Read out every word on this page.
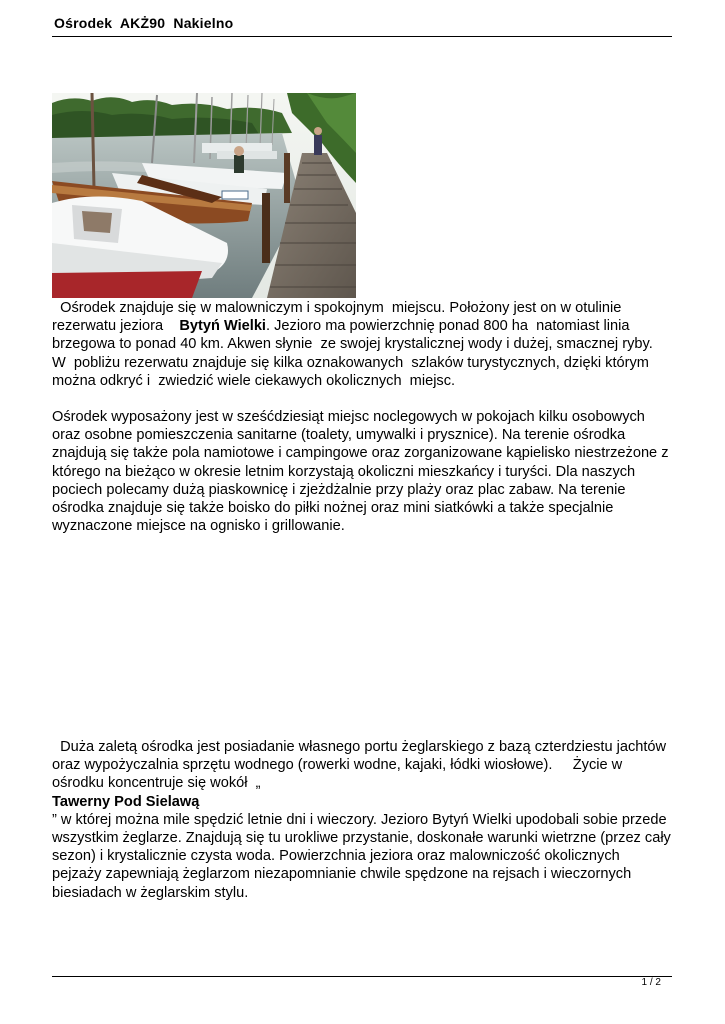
Ośrodek  AKŻ90  Nakielno
Ośrodek znajduje się w malowniczym i spokojnym  miejscu. Położony jest on w otulinie
rezerwatu jeziora    Bytyń Wielki. Jezioro ma powierzchnię ponad 800 ha  natomiast linia
brzegowa to ponad 40 km. Akwen słynie  ze swojej krystalicznej wody i dużej, smacznej ryby.
W  pobliżu rezerwatu znajduje się kilka oznakowanych  szlaków turystycznych, dzięki którym
można odkryć i  zwiedzić wiele ciekawych okolicznych  miejsc.
Ośrodek wyposażony jest w sześćdziesiąt miejsc noclegowych w pokojach kilku osobowych
oraz osobne pomieszczenia sanitarne (toalety, umywalki i prysznice). Na terenie ośrodka
znajdują się także pola namiotowe i campingowe oraz zorganizowane kąpielisko niestrzeżone z
którego na bieżąco w okresie letnim korzystają okoliczni mieszkańcy i turyści. Dla naszych
pociech polecamy dużą piaskownicę i zjeżdżalnie przy plaży oraz plac zabaw. Na terenie
ośrodka znajduje się także boisko do piłki nożnej oraz mini siatkówki a także specjalnie
wyznaczone miejsce na ognisko i grillowanie.
Duża zaletą ośrodka jest posiadanie własnego portu żeglarskiego z bazą czterdziestu jachtów
oraz wypożyczalnia sprzętu wodnego (rowerki wodne, kajaki, łódki wiosłowe).     Życie w
ośrodku koncentruje się wokół  „
Tawerny Pod Sielawą
” w której można mile spędzić letnie dni i wieczory. Jezioro Bytyń Wielki upodobali sobie przede
wszystkim żeglarze. Znajdują się tu urokliwe przystanie, doskonałe warunki wietrzne (przez cały
sezon) i krystalicznie czysta woda. Powierzchnia jeziora oraz malowniczość okolicznych
pejzaży zapewniają żeglarzom niezapomnianie chwile spędzone na rejsach i wieczornych
biesiadach w żeglarskim stylu.
1 / 2
